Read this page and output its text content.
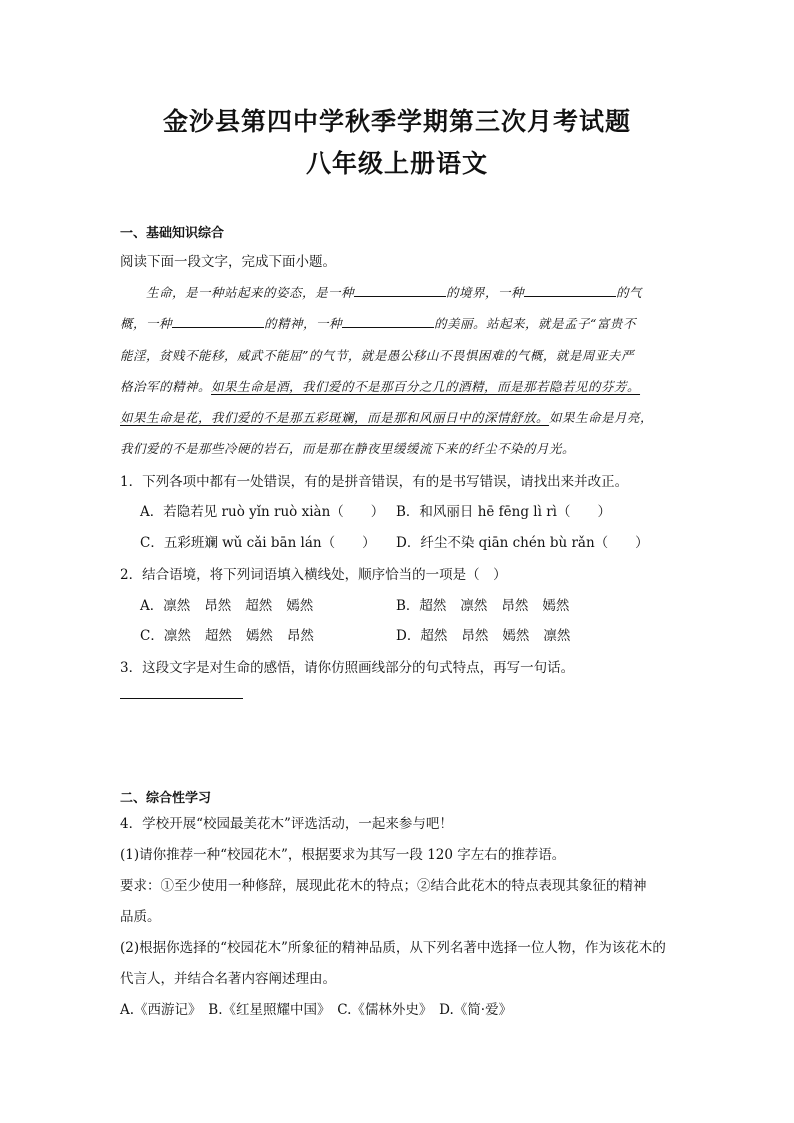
金沙县第四中学秋季学期第三次月考试题
八年级上册语文
一、基础知识综合
阅读下面一段文字，完成下面小题。
生命，是一种站起来的姿态，是一种	的境界，一种	的气
概，一种	的精神，一种	的美丽。站起来，就是孟子“富贵不
能淫，贫贱不能移，威武不能屈”的气节，就是愚公移山不畏惧困难的气概，就是周亚夫严
格治军的精神。如果生命是酒，我们爱的不是那百分之几的酒精，而是那若隐若见的芬芳。
如果生命是花，我们爱的不是那五彩斑斓，而是那和风丽日中的深情舒放。如果生命是月亮，
我们爱的不是那些冷硬的岩石，而是那在静夜里缓缓流下来的纤尘不染的月光。
1．下列各项中都有一处错误，有的是拼音错误，有的是书写错误，请找出来并改正。
A．若隐若见 ruò yǐn ruò xiàn（　　） B．和风丽日 hē fēng lì rì（　　）
C．五彩班斓 wǔ cǎi bān lán（　　） D．纤尘不染 qiān chén bù rǎn（　　）
2．结合语境，将下列词语填入横线处，顺序恰当的一项是（　）
A．凛然 昂然 超然 嫣然	B．超然 凛然 昂然 嫣然
C．凛然 超然 嫣然 昂然	D．超然 昂然 嫣然 凛然
3．这段文字是对生命的感悟，请你仿照画线部分的句式特点，再写一句话。
二、综合性学习
4．学校开展“校园最美花木”评选活动，一起来参与吧！
(1)请你推荐一种“校园花木”，根据要求为其写一段 120 字左右的推荐语。
要求：①至少使用一种修辞，展现此花木的特点；②结合此花木的特点表现其象征的精神
品质。
(2)根据你选择的“校园花木”所象征的精神品质，从下列名著中选择一位人物，作为该花木的
代言人，并结合名著内容阐述理由。
A.《西游记》　B.《红星照耀中国》　C.《儒林外史》　D.《简·爱》
